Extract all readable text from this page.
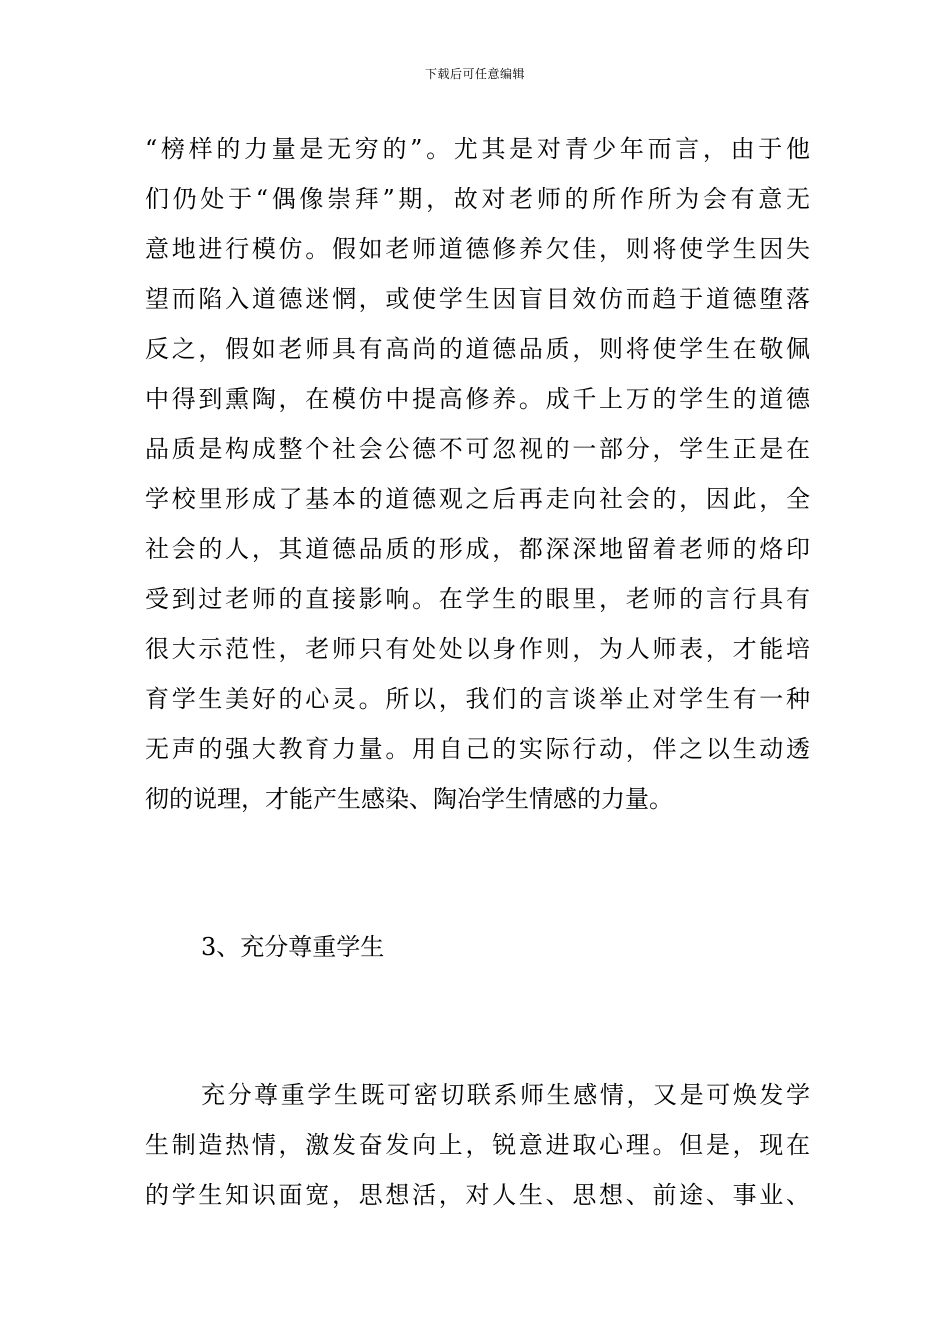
下载后可任意编辑
“榜样的力量是无穷的”。尤其是对青少年而言，由于他
们仍处于“偶像崇拜”期，故对老师的所作所为会有意无
意地进行模仿。假如老师道德修养欠佳，则将使学生因失
望而陷入道德迷惘，或使学生因盲目效仿而趋于道德堕落
反之，假如老师具有高尚的道德品质，则将使学生在敬佩
中得到熏陶，在模仿中提高修养。成千上万的学生的道德
品质是构成整个社会公德不可忽视的一部分，学生正是在
学校里形成了基本的道德观之后再走向社会的，因此，全
社会的人，其道德品质的形成，都深深地留着老师的烙印
受到过老师的直接影响。在学生的眼里，老师的言行具有
很大示范性，老师只有处处以身作则，为人师表，才能培
育学生美好的心灵。所以，我们的言谈举止对学生有一种
无声的强大教育力量。用自己的实际行动，伴之以生动透
彻的说理，才能产生感染、陶冶学生情感的力量。
3、充分尊重学生
充分尊重学生既可密切联系师生感情，又是可焕发学
生制造热情，激发奋发向上，锐意进取心理。但是，现在
的学生知识面宽，思想活，对人生、思想、前途、事业、
